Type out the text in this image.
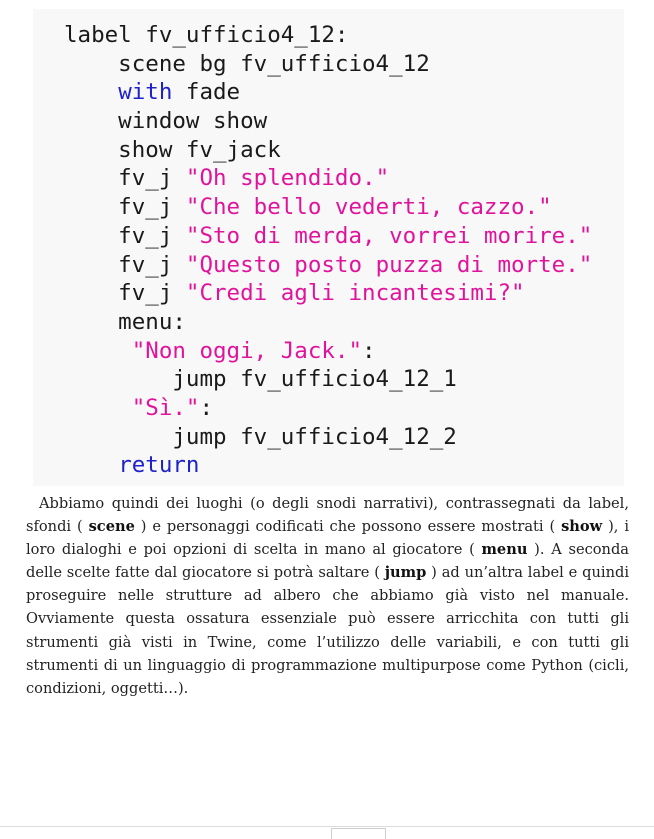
label fv_ufficio4_12:
scene bg fv_ufficio4_12
with fade
window show
show fv_jack
fv_j "Oh splendido."
fv_j "Che bello vederti, cazzo."
fv_j "Sto di merda, vorrei morire."
fv_j "Questo posto puzza di morte."
fv_j "Credi agli incantesimi?"
menu:
"Non oggi, Jack.":
jump fv_ufficio4_12_1
"Sì.":
jump fv_ufficio4_12_2
return

Abbiamo quindi dei luoghi (o degli snodi narrativi), contrassegnati da label, sfondi ( scene ) e personaggi codificati che possono essere mostrati ( show ), i loro dialoghi e poi opzioni di scelta in mano al giocatore ( menu ). A seconda delle scelte fatte dal giocatore si potrà saltare ( jump ) ad un’altra label e quindi proseguire nelle strutture ad albero che abbiamo già visto nel manuale. Ovviamente questa ossatura essenziale può essere arricchita con tutti gli strumenti già visti in Twine, come l’utilizzo delle variabili, e con tutti gli strumenti di un linguaggio di programmazione multipurpose come Python (cicli, condizioni, oggetti…).
